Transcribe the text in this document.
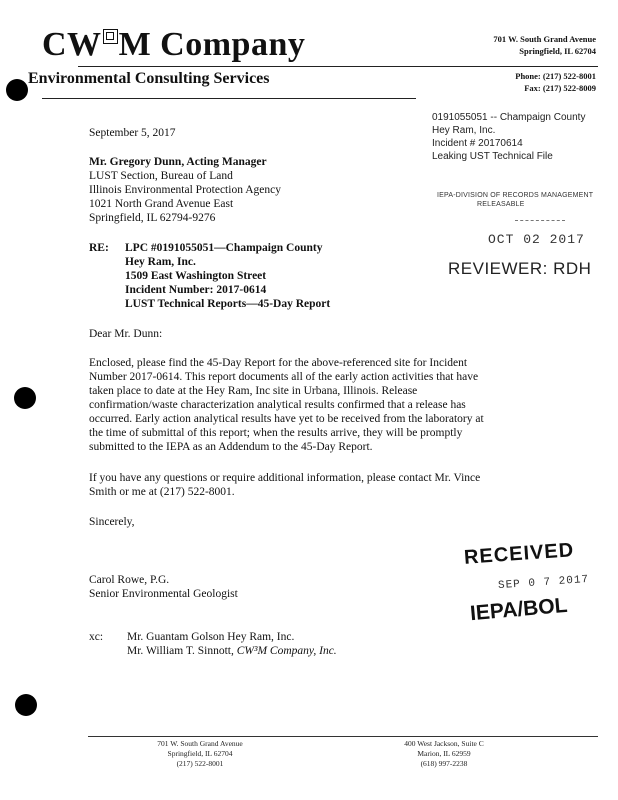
CW M Company
Environmental Consulting Services
701 W. South Grand Avenue
Springfield, IL 62704
Phone: (217) 522-8001
Fax: (217) 522-8009
0191055051 -- Champaign County
Hey Ram, Inc.
Incident # 20170614
Leaking UST Technical File
IEPA-DIVISION OF RECORDS MANAGEMENT
RELEASABLE
OCT 02 2017
REVIEWER: RDH
September 5, 2017
Mr. Gregory Dunn, Acting Manager
LUST Section, Bureau of Land
Illinois Environmental Protection Agency
1021 North Grand Avenue East
Springfield, IL 62794-9276
RE: LPC #0191055051—Champaign County
Hey Ram, Inc.
1509 East Washington Street
Incident Number: 2017-0614
LUST Technical Reports—45-Day Report
Dear Mr. Dunn:
Enclosed, please find the 45-Day Report for the above-referenced site for Incident
Number 2017-0614. This report documents all of the early action activities that have
taken place to date at the Hey Ram, Inc site in Urbana, Illinois. Release
confirmation/waste characterization analytical results confirmed that a release has
occurred. Early action analytical results have yet to be received from the laboratory at
the time of submittal of this report; when the results arrive, they will be promptly
submitted to the IEPA as an Addendum to the 45-Day Report.
If you have any questions or require additional information, please contact Mr. Vince
Smith or me at (217) 522-8001.
Sincerely,
RECEIVED
SEP 0 7 2017
IEPA/BOL
Carol Rowe, P.G.
Senior Environmental Geologist
xc: Mr. Guantam Golson Hey Ram, Inc.
Mr. William T. Sinnott, CW³M Company, Inc.
701 W. South Grand Avenue
Springfield, IL 62704
(217) 522-8001
400 West Jackson, Suite C
Marion, IL 62959
(618) 997-2238
